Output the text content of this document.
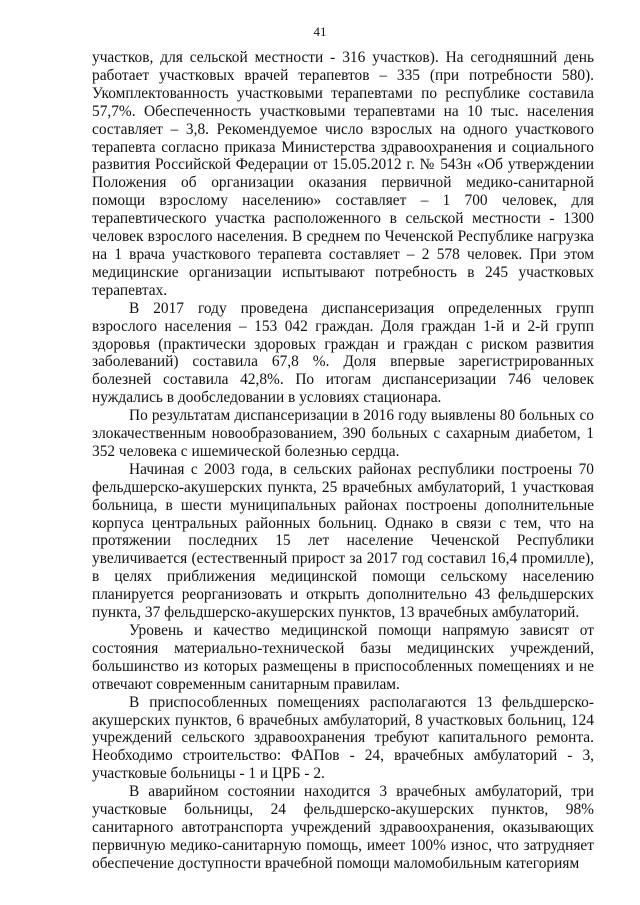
41

участков, для сельской местности - 316 участков). На сегодняшний день работает участковых врачей терапевтов – 335 (при потребности 580). Укомплектованность участковыми терапевтами по республике составила 57,7%. Обеспеченность участковыми терапевтами на 10 тыс. населения составляет – 3,8. Рекомендуемое число взрослых на одного участкового терапевта согласно приказа Министерства здравоохранения и социального развития Российской Федерации от 15.05.2012 г. № 543н «Об утверждении Положения об организации оказания первичной медико-санитарной помощи взрослому населению» составляет – 1 700 человек, для терапевтического участка расположенного в сельской местности - 1300 человек взрослого населения. В среднем по Чеченской Республике нагрузка на 1 врача участкового терапевта составляет – 2 578 человек. При этом медицинские организации испытывают потребность в 245 участковых терапевтах.

В 2017 году проведена диспансеризация определенных групп взрослого населения – 153 042 граждан. Доля граждан 1-й и 2-й групп здоровья (практически здоровых граждан и граждан с риском развития заболеваний) составила 67,8 %. Доля впервые зарегистрированных болезней составила 42,8%. По итогам диспансеризации 746 человек нуждались в дообследовании в условиях стационара.

По результатам диспансеризации в 2016 году выявлены 80 больных со злокачественным новообразованием, 390 больных с сахарным диабетом, 1 352 человека с ишемической болезнью сердца.

Начиная с 2003 года, в сельских районах республики построены 70 фельдшерско-акушерских пункта, 25 врачебных амбулаторий, 1 участковая больница, в шести муниципальных районах построены дополнительные корпуса центральных районных больниц. Однако в связи с тем, что на протяжении последних 15 лет население Чеченской Республики увеличивается (естественный прирост за 2017 год составил 16,4 промилле), в целях приближения медицинской помощи сельскому населению планируется реорганизовать и открыть дополнительно 43 фельдшерских пункта, 37 фельдшерско-акушерских пунктов, 13 врачебных амбулаторий.

Уровень и качество медицинской помощи напрямую зависят от состояния материально-технической базы медицинских учреждений, большинство из которых размещены в приспособленных помещениях и не отвечают современным санитарным правилам.

В приспособленных помещениях располагаются 13 фельдшерско-акушерских пунктов, 6 врачебных амбулаторий, 8 участковых больниц, 124 учреждений сельского здравоохранения требуют капитального ремонта. Необходимо строительство: ФАПов - 24, врачебных амбулаторий - 3, участковые больницы - 1 и ЦРБ - 2.

В аварийном состоянии находится 3 врачебных амбулаторий, три участковые больницы, 24 фельдшерско-акушерских пунктов, 98% санитарного автотранспорта учреждений здравоохранения, оказывающих первичную медико-санитарную помощь, имеет 100% износ, что затрудняет обеспечение доступности врачебной помощи маломобильным категориям
